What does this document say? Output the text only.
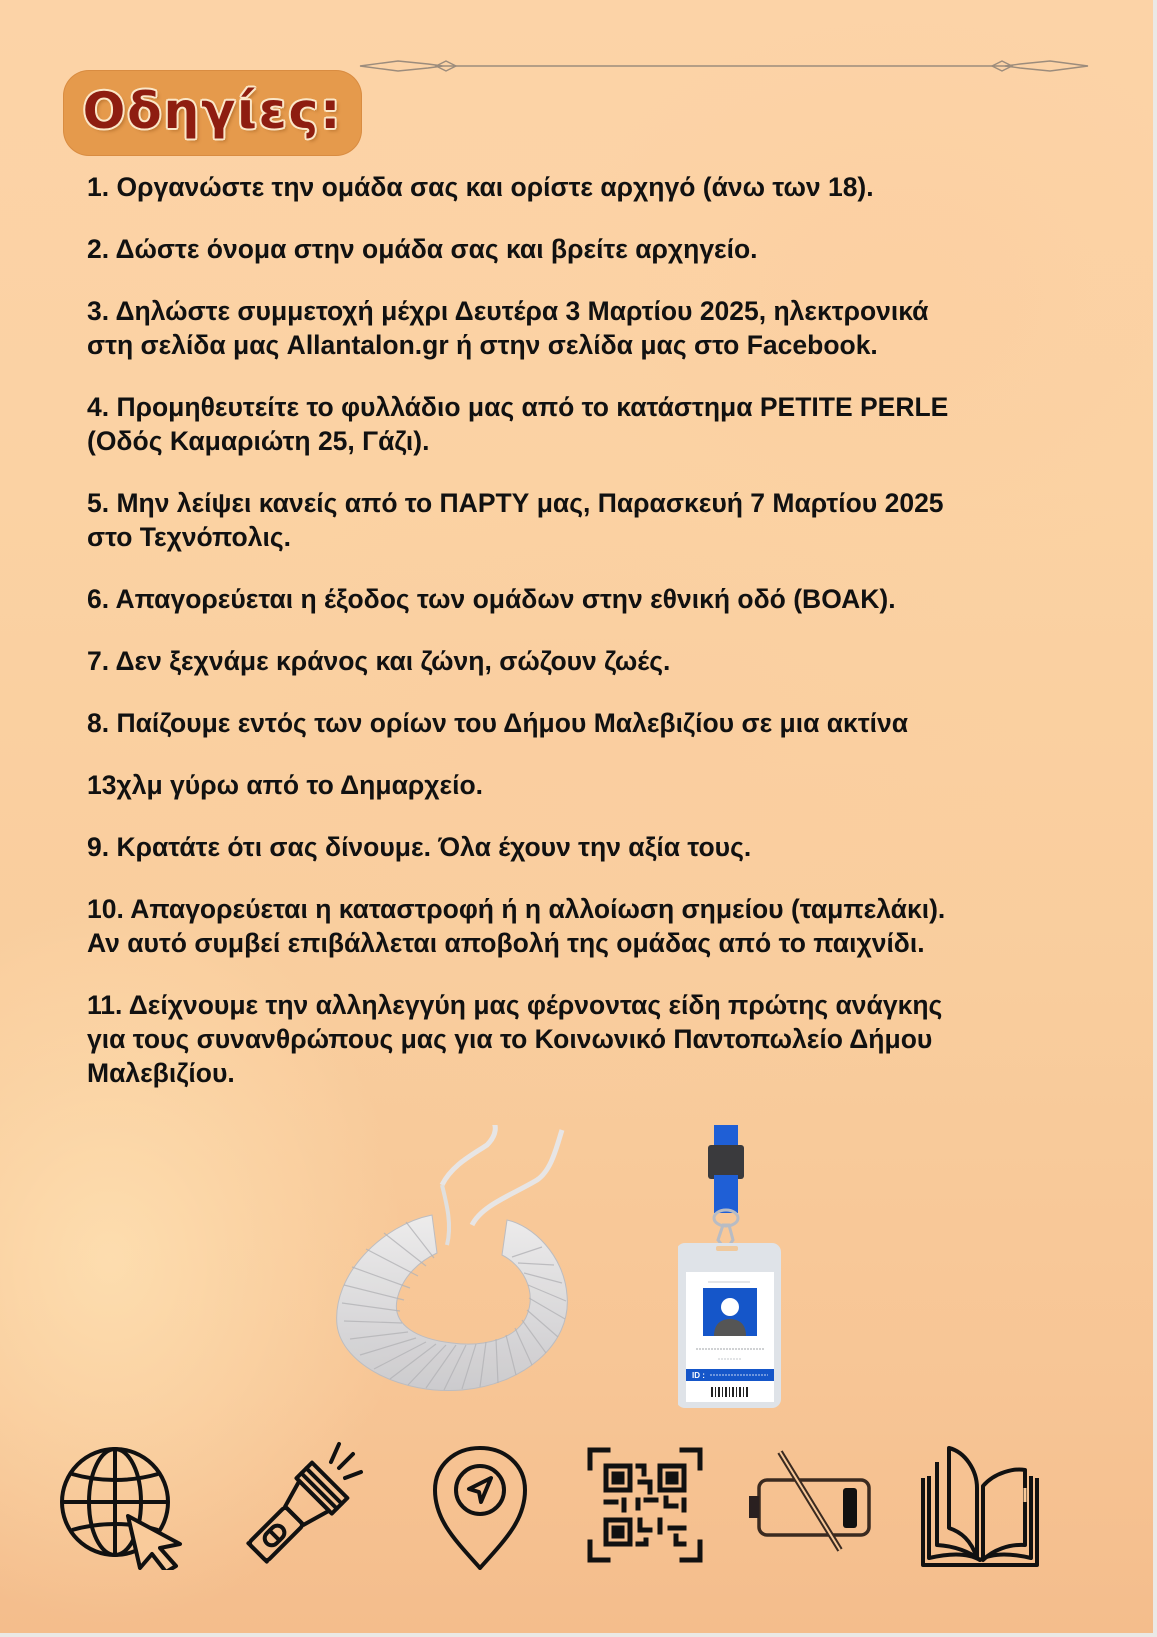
Οδηγίες:
1. Οργανώστε την ομάδα σας και ορίστε αρχηγό (άνω των 18).
2. Δώστε όνομα στην ομάδα σας και βρείτε αρχηγείο.
3. Δηλώστε συμμετοχή μέχρι Δευτέρα 3 Μαρτίου 2025, ηλεκτρονικά
στη σελίδα μας Allantalon.gr ή στην σελίδα μας στο Facebook.
4. Προμηθευτείτε το φυλλάδιο μας από το κατάστημα PETITE PERLE
(Οδός Καμαριώτη 25, Γάζι).
5. Μην λείψει κανείς από το ΠΑΡΤΥ μας, Παρασκευή 7 Μαρτίου 2025
στο Τεχνόπολις.
6. Απαγορεύεται η έξοδος των ομάδων στην εθνική οδό (ΒΟΑΚ).
7. Δεν ξεχνάμε κράνος και ζώνη, σώζουν ζωές.
8. Παίζουμε εντός των ορίων του Δήμου Μαλεβιζίου σε μια ακτίνα
13χλμ γύρω από το Δημαρχείο.
9. Κρατάτε ότι σας δίνουμε. Όλα έχουν την αξία τους.
10. Απαγορεύεται η καταστροφή ή η αλλοίωση σημείου (ταμπελάκι).
Αν αυτό συμβεί επιβάλλεται αποβολή της ομάδας από το παιχνίδι.
11. Δείχνουμε την αλληλεγγύη μας φέρνοντας είδη πρώτης ανάγκης
για τους συνανθρώπους μας για το Κοινωνικό Παντοπωλείο Δήμου
Μαλεβιζίου.
ID :
